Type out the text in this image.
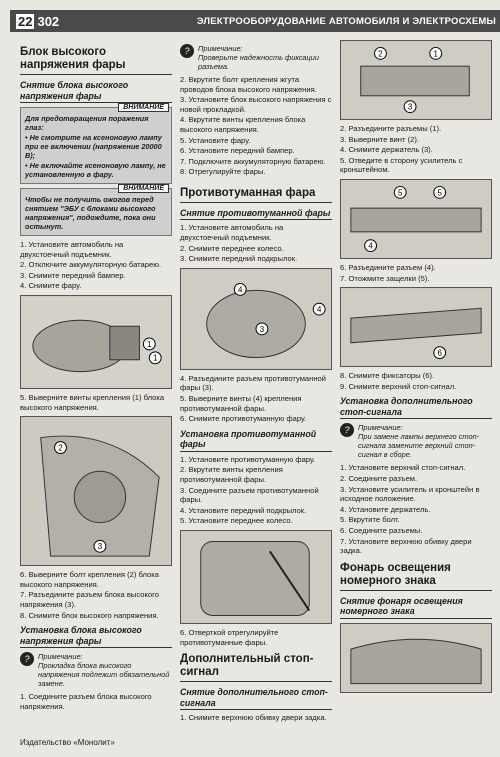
22 302	ЭЛЕКТРООБОРУДОВАНИЕ АВТОМОБИЛЯ И ЭЛЕКТРОСХЕМЫ
Блок высокого напряжения фары
Снятие блока высокого напряжения фары
ВНИМАНИЕ

Для предотвращения поражения глаз:

• Не смотрите на ксеноновую лампу при ее включении (напряжение 20000 В);

• Не включайте ксеноновую лампу, не установленную в фару.

ВНИМАНИЕ

Чтобы не получить ожогов перед снятием "ЭБУ с блоками высокого напряжения", подождите, пока они остынут.

1. Установите автомобиль на двухстоечный подъемник.

2. Отключите аккумуляторную батарею.

3. Снимите передний бампер.

4. Снимите фару.

1
1

5. Выверните винты крепления (1) блока высокого напряжения.

2
3

6. Выверните болт крепления (2) блока высокого напряжения.

7. Разъедините разъем блока высокого напряжения (3).

8. Снимите блок высокого напряжения.

Установка блока высокого напряжения фары
?	Примечание:
Прокладка блока высокого напряжения подлежит обязательной замене.

1. Соедините разъем блока высокого напряжения.

?	Примечание:
Проверьте надежность фиксации разъема.

2. Вкрутите болт крепления жгута проводов блока высокого напряжения.

3. Установите блок высокого напряжения с новой прокладкой.

4. Вкрутите винты крепления блока высокого напряжения.

5. Установите фару.

6. Установите передний бампер.

7. Подключите аккумуляторную батарею.

8. Отрегулируйте фары.

Противотуманная фара
Снятие противотуманной фары

1. Установите автомобиль на двухстоечный подъемник.

2. Снимите переднее колесо.

3. Снимите передний подкрылок.

4
3
4

4. Разъедините разъем противотуманной фары (3).

5. Выверните винты (4) крепления противотуманной фары.

6. Снимите противотуманную фару.

Установка противотуманной фары

1. Установите противотуманную фару.

2. Вкрутите винты крепления противотуманной фары.

3. Соедините разъем противотуманной фары.

4. Установите передний подкрылок.

5. Установите переднее колесо.

6. Отверткой отрегулируйте противотуманные фары.

Дополнительный стоп-сигнал
Снятие дополнительного стоп-сигнала

1. Снимите верхнюю обивку двери задка.

2	1
3

2. Разъедините разъемы (1).

3. Выверните винт (2).

4. Снимите держатель (3).

5. Отведите в сторону усилитель с кронштейном.

5	5
4

6. Разъедините разъем (4).

7. Отожмите защелки (5).

6

8. Снимите фиксаторы (6).

9. Снимите верхний стоп-сигнал.

Установка дополнительного стоп-сигнала
?	Примечание:
При замене лампы верхнего стоп-сигнала замените верхний стоп-сигнал в сборе.

1. Установите верхний стоп-сигнал.

2. Соедините разъем.

3. Установите усилитель и кронштейн в исходное положение.

4. Установите держатель.

5. Вкрутите болт.

6. Соедините разъемы.

7. Установите верхнюю обивку двери задка.

Фонарь освещения номерного знака
Снятие фонаря освещения номерного знака
Издательство «Монолит»
